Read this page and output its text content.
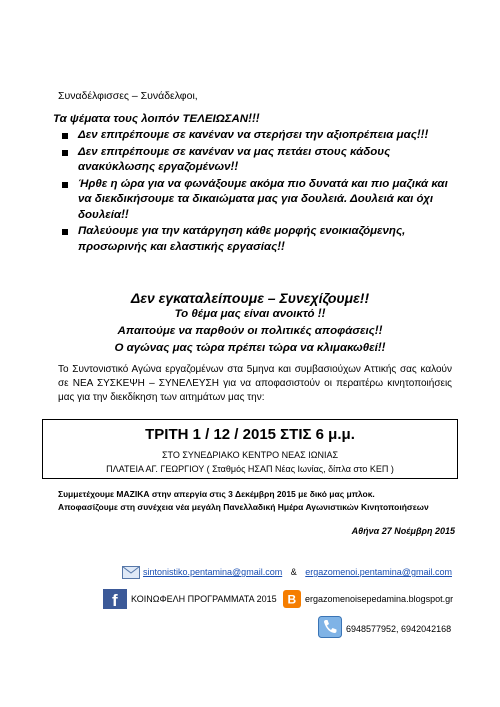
Συναδέλφισσες – Συνάδελφοι,
Τα ψέματα τους λοιπόν ΤΕΛΕΙΩΣΑΝ!!!
Δεν επιτρέπουμε σε κανέναν να στερήσει την αξιοπρέπεια μας!!!
Δεν επιτρέπουμε σε κανέναν να μας πετάει στους κάδους ανακύκλωσης εργαζομένων!!
Ήρθε η ώρα για να φωνάξουμε ακόμα πιο δυνατά και πιο μαζικά και να διεκδικήσουμε τα δικαιώματα μας για δουλειά. Δουλειά και όχι δουλεία!!
Παλεύουμε για την κατάργηση κάθε μορφής ενοικιαζόμενης, προσωρινής και ελαστικής εργασίας!!
Δεν εγκαταλείπουμε – Συνεχίζουμε!!
Το θέμα μας είναι ανοικτό !!
Απαιτούμε να παρθούν οι πολιτικές αποφάσεις!!
Ο αγώνας μας τώρα πρέπει τώρα να κλιμακωθεί!!
Το Συντονιστικό Αγώνα εργαζομένων στα 5μηνα και συμβασιούχων Αττικής σας καλούν σε ΝΕΑ ΣΥΣΚΕΨΗ – ΣΥΝΕΛΕΥΣΗ για να αποφασιστούν οι περαιτέρω κινητοποιήσεις μας για την διεκδίκηση των αιτημάτων μας την:
ΤΡΙΤΗ 1 / 12 / 2015 ΣΤΙΣ 6 μ.μ.
ΣΤΟ ΣΥΝΕΔΡΙΑΚΟ ΚΕΝΤΡΟ ΝΕΑΣ ΙΩΝΙΑΣ
ΠΛΑΤΕΙΑ ΑΓ. ΓΕΩΡΓΙΟΥ ( Σταθμός ΗΣΑΠ Νέας Ιωνίας, δίπλα στο ΚΕΠ )
Συμμετέχουμε ΜΑΖΙΚΑ στην απεργία στις 3 Δεκέμβρη 2015 με δικό μας μπλοκ.
Αποφασίζουμε στη συνέχεια νέα μεγάλη Πανελλαδική Ημέρα Αγωνιστικών Κινητοποιήσεων
Αθήνα 27 Νοέμβρη 2015
sintonistiko.pentamina@gmail.com & ergazomenoi.pentamina@gmail.com
f ΚΟΙΝΩΦΕΛΗ ΠΡΟΓΡΑΜΜΑΤΑ 2015 B ergazomenoisepedamina.blogspot.gr
6948577952, 6942042168
